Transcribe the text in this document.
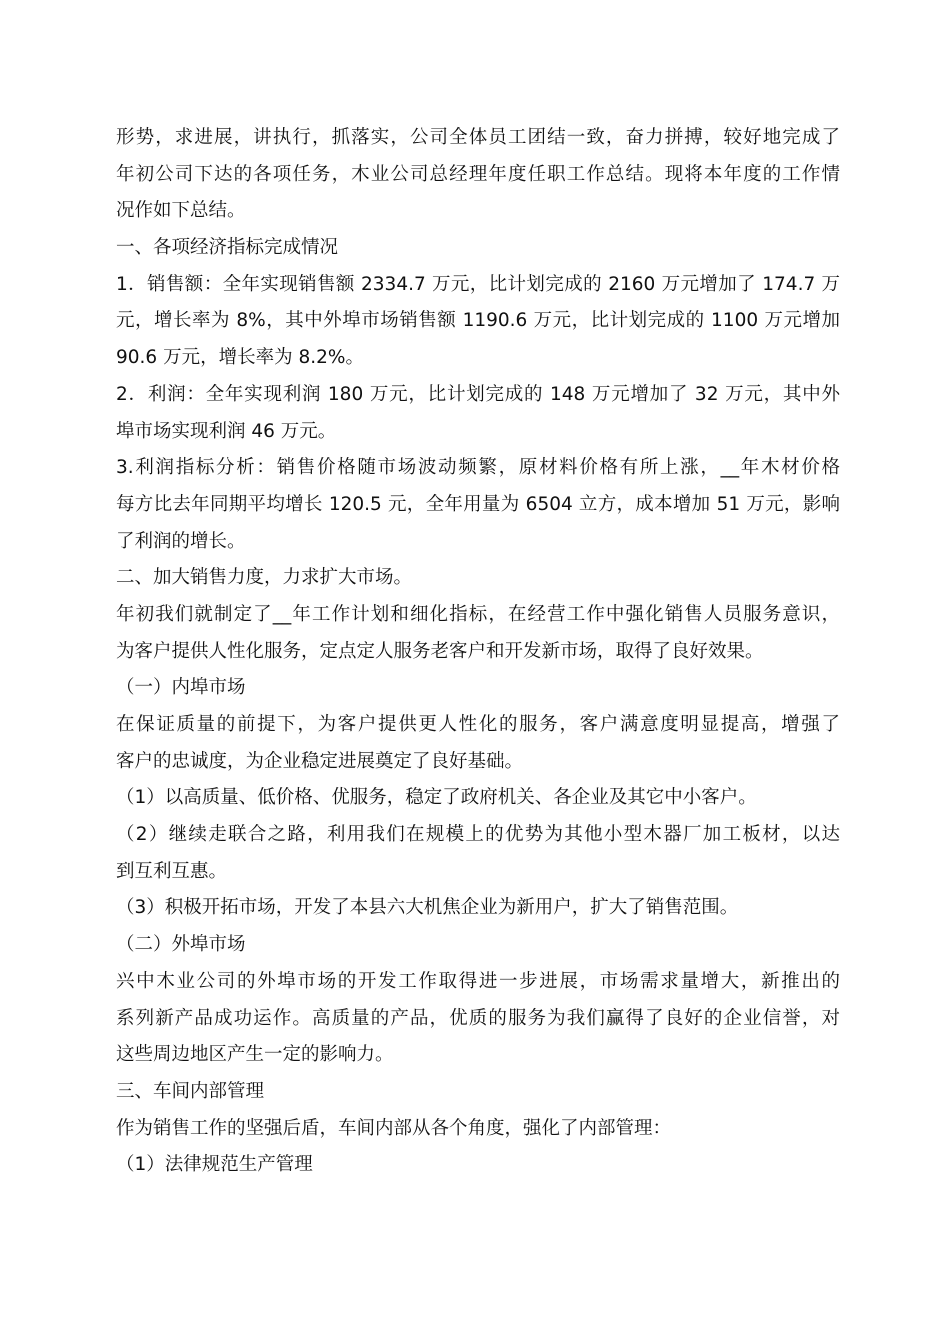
形势，求进展，讲执行，抓落实，公司全体员工团结一致，奋力拼搏，较好地完成了
年初公司下达的各项任务，木业公司总经理年度任职工作总结。现将本年度的工作情
况作如下总结。
一、各项经济指标完成情况
1．销售额：全年实现销售额 2334.7 万元，比计划完成的 2160 万元增加了 174.7 万
元，增长率为 8%，其中外埠市场销售额 1190.6 万元，比计划完成的 1100 万元增加
90.6 万元，增长率为 8.2%。
2．利润：全年实现利润 180 万元，比计划完成的 148 万元增加了 32 万元，其中外
埠市场实现利润 46 万元。
3.利润指标分析：销售价格随市场波动频繁，原材料价格有所上涨，__年木材价格
每方比去年同期平均增长 120.5 元，全年用量为 6504 立方，成本增加 51 万元，影响
了利润的增长。
二、加大销售力度，力求扩大市场。
年初我们就制定了__年工作计划和细化指标，在经营工作中强化销售人员服务意识，
为客户提供人性化服务，定点定人服务老客户和开发新市场，取得了良好效果。
（一）内埠市场
在保证质量的前提下，为客户提供更人性化的服务，客户满意度明显提高，增强了
客户的忠诚度，为企业稳定进展奠定了良好基础。
（1）以高质量、低价格、优服务，稳定了政府机关、各企业及其它中小客户。
（2）继续走联合之路，利用我们在规模上的优势为其他小型木器厂加工板材，以达
到互利互惠。
（3）积极开拓市场，开发了本县六大机焦企业为新用户，扩大了销售范围。
（二）外埠市场
兴中木业公司的外埠市场的开发工作取得进一步进展，市场需求量增大，新推出的
系列新产品成功运作。高质量的产品，优质的服务为我们赢得了良好的企业信誉，对
这些周边地区产生一定的影响力。
三、车间内部管理
作为销售工作的坚强后盾，车间内部从各个角度，强化了内部管理：
（1）法律规范生产管理
